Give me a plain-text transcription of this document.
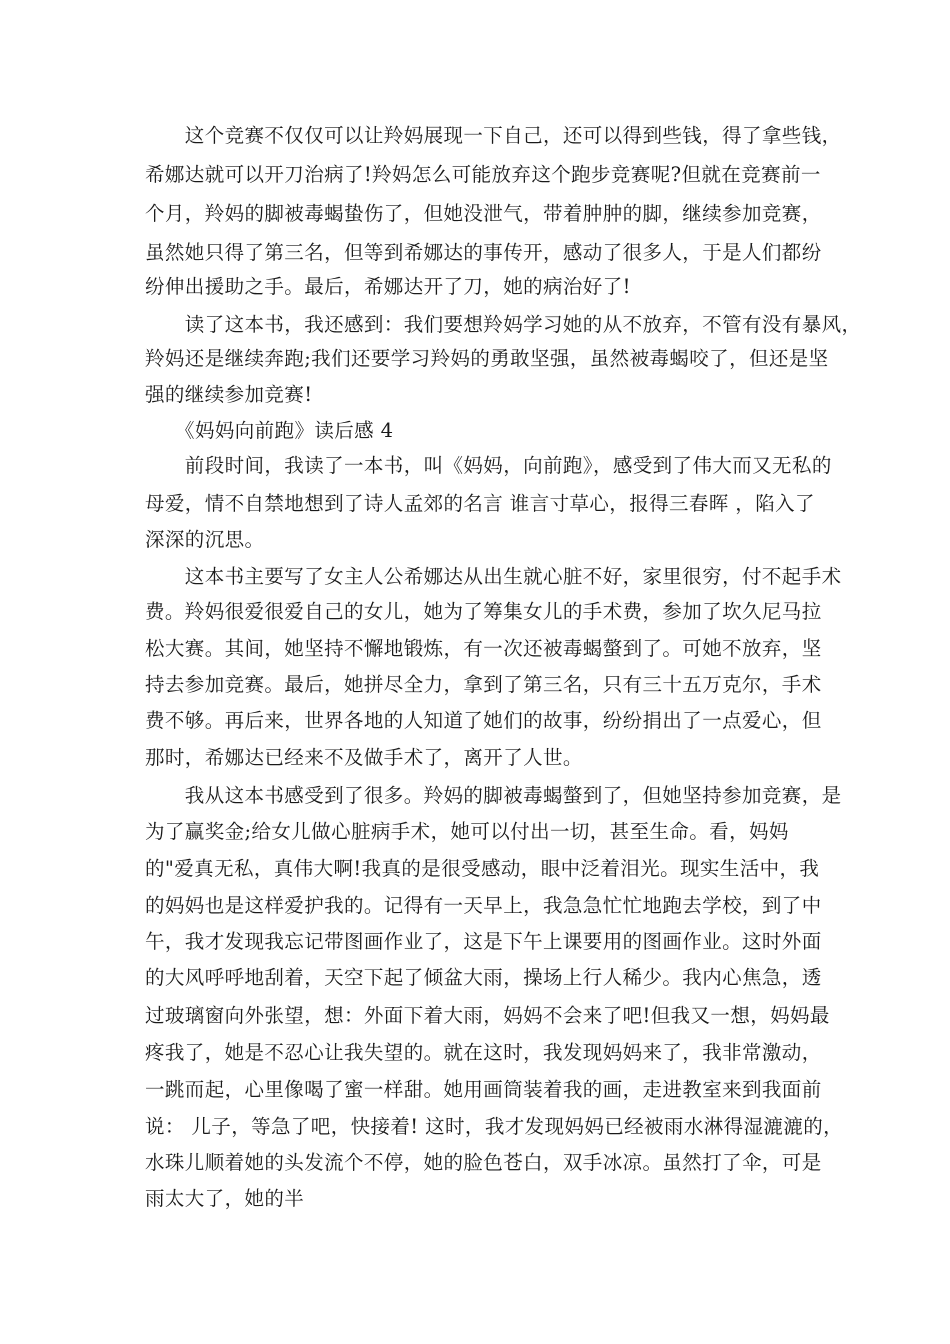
　　这个竞赛不仅仅可以让羚妈展现一下自己，还可以得到些钱，得了拿些钱，
希娜达就可以开刀治病了!羚妈怎么可能放弃这个跑步竞赛呢?但就在竞赛前一
个月，羚妈的脚被毒蝎蛰伤了，但她没泄气，带着肿肿的脚，继续参加竞赛，
虽然她只得了第三名，但等到希娜达的事传开，感动了很多人，于是人们都纷
纷伸出援助之手。最后，希娜达开了刀，她的病治好了!
　　读了这本书，我还感到：我们要想羚妈学习她的从不放弃，不管有没有暴风，
羚妈还是继续奔跑;我们还要学习羚妈的勇敢坚强，虽然被毒蝎咬了，但还是坚
强的继续参加竞赛!
　　《妈妈向前跑》读后感 4
　　前段时间，我读了一本书，叫《妈妈，向前跑》，感受到了伟大而又无私的
母爱，情不自禁地想到了诗人孟郊的名言 谁言寸草心，报得三春晖 ，陷入了
深深的沉思。
　　这本书主要写了女主人公希娜达从出生就心脏不好，家里很穷，付不起手术
费。羚妈很爱很爱自己的女儿，她为了筹集女儿的手术费，参加了坎久尼马拉
松大赛。其间，她坚持不懈地锻炼，有一次还被毒蝎螫到了。可她不放弃，坚
持去参加竞赛。最后，她拼尽全力，拿到了第三名，只有三十五万克尔，手术
费不够。再后来，世界各地的人知道了她们的故事，纷纷捐出了一点爱心，但
那时，希娜达已经来不及做手术了，离开了人世。
　　我从这本书感受到了很多。羚妈的脚被毒蝎螫到了，但她坚持参加竞赛，是
为了赢奖金;给女儿做心脏病手术，她可以付出一切，甚至生命。看，妈妈
的"爱真无私，真伟大啊!我真的是很受感动，眼中泛着泪光。现实生活中，我
的妈妈也是这样爱护我的。记得有一天早上，我急急忙忙地跑去学校，到了中
午，我才发现我忘记带图画作业了，这是下午上课要用的图画作业。这时外面
的大风呼呼地刮着，天空下起了倾盆大雨，操场上行人稀少。我内心焦急，透
过玻璃窗向外张望，想：外面下着大雨，妈妈不会来了吧!但我又一想，妈妈最
疼我了，她是不忍心让我失望的。就在这时，我发现妈妈来了，我非常激动，
一跳而起，心里像喝了蜜一样甜。她用画筒装着我的画，走进教室来到我面前
说： 儿子，等急了吧，快接着! 这时，我才发现妈妈已经被雨水淋得湿漉漉的，
水珠儿顺着她的头发流个不停，她的脸色苍白，双手冰凉。虽然打了伞，可是
雨太大了，她的半
